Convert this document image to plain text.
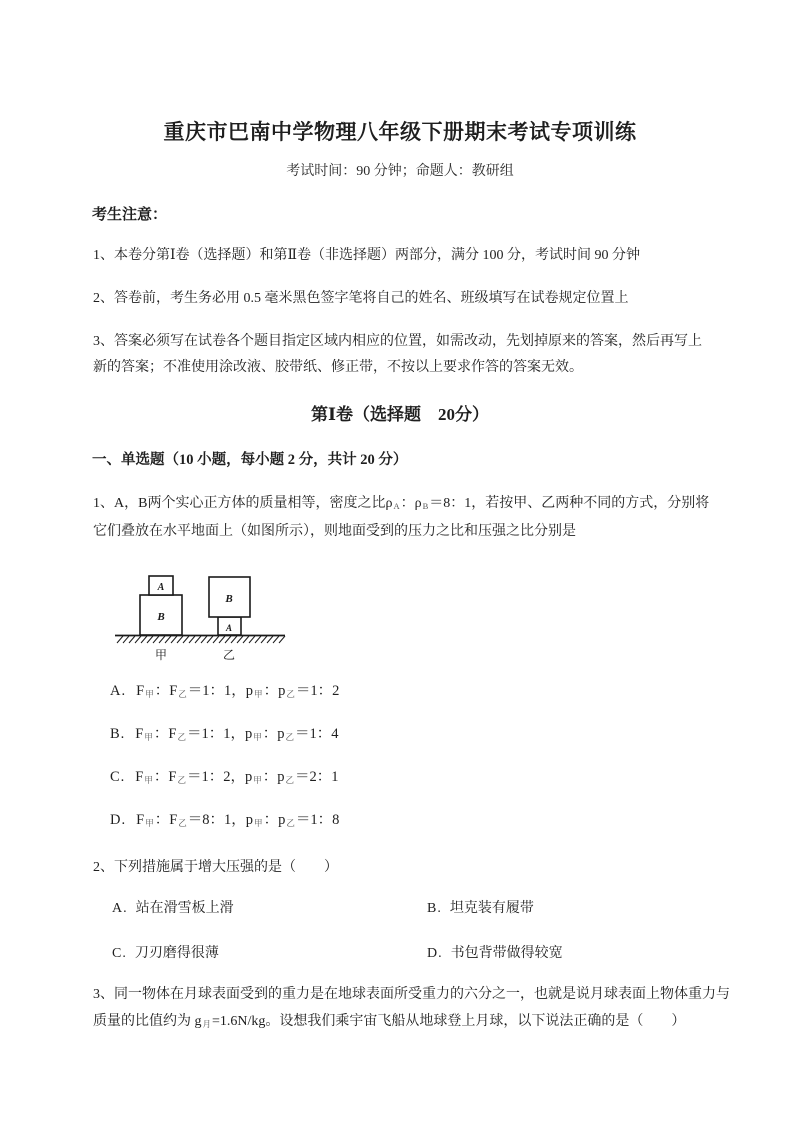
重庆市巴南中学物理八年级下册期末考试专项训练
考试时间：90 分钟；命题人：教研组
考生注意：
1、本卷分第Ⅰ卷（选择题）和第Ⅱ卷（非选择题）两部分，满分 100 分，考试时间 90 分钟
2、答卷前，考生务必用 0.5 毫米黑色签字笔将自己的姓名、班级填写在试卷规定位置上
3、答案必须写在试卷各个题目指定区域内相应的位置，如需改动，先划掉原来的答案，然后再写上新的答案；不准使用涂改液、胶带纸、修正带，不按以上要求作答的答案无效。
第Ⅰ卷（选择题　20分）
一、单选题（10 小题，每小题 2 分，共计 20 分）
1、A，B两个实心正方体的质量相等，密度之比$\rho_A$：$\rho_B=8$：1，若按甲、乙两种不同的方式，分别将它们叠放在水平地面上（如图所示），则地面受到的压力之比和压强之比分别是
A
B
B
A
甲	乙
A. $F_甲$：$F_乙=1$：1，$p_甲$：$p_乙=1$：2
B. $F_甲$：$F_乙=1$：1，$p_甲$：$p_乙=1$：4
C. $F_甲$：$F_乙=1$：2，$p_甲$：$p_乙=2$：1
D. $F_甲$：$F_乙=8$：1，$p_甲$：$p_乙=1$：8
2、下列措施属于增大压强的是（　　）
A. 站在滑雪板上滑	B. 坦克装有履带
C. 刀刃磨得很薄	D. 书包背带做得较宽
3、同一物体在月球表面受到的重力是在地球表面所受重力的六分之一，也就是说月球表面上物体重力与质量的比值约为 $g_月=1.6N/kg$。设想我们乘宇宙飞船从地球登上月球，以下说法正确的是（　　）
